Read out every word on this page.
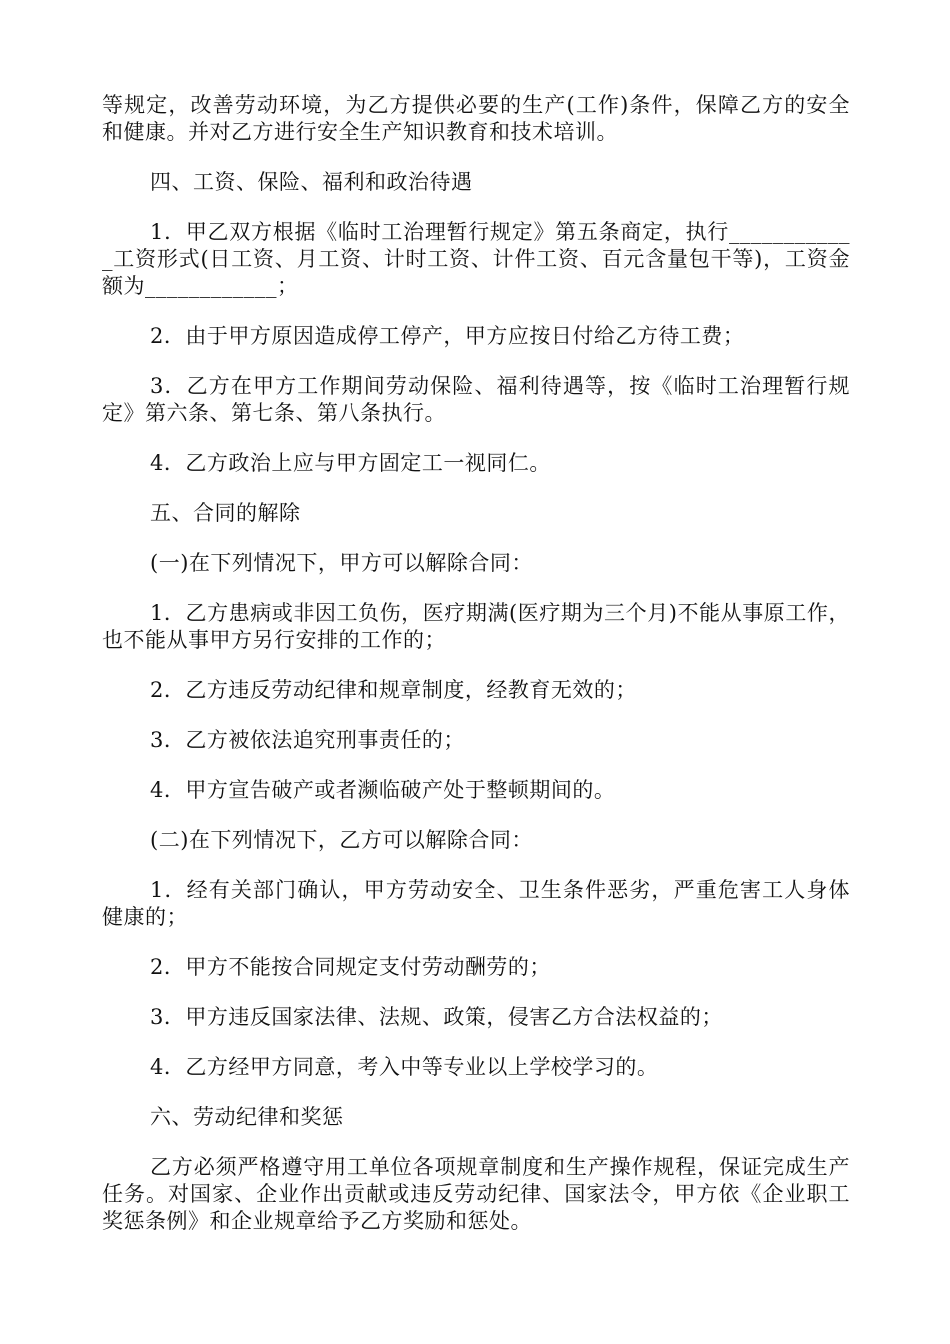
等规定，改善劳动环境，为乙方提供必要的生产(工作)条件，保障乙方的安全和健康。并对乙方进行安全生产知识教育和技术培训。

四、工资、保险、福利和政治待遇

1．甲乙双方根据《临时工治理暂行规定》第五条商定，执行____________工资形式(日工资、月工资、计时工资、计件工资、百元含量包干等)，工资金额为____________；

2．由于甲方原因造成停工停产，甲方应按日付给乙方待工费；

3．乙方在甲方工作期间劳动保险、福利待遇等，按《临时工治理暂行规定》第六条、第七条、第八条执行。

4．乙方政治上应与甲方固定工一视同仁。

五、合同的解除

(一)在下列情况下，甲方可以解除合同：

1．乙方患病或非因工负伤，医疗期满(医疗期为三个月)不能从事原工作，也不能从事甲方另行安排的工作的；

2．乙方违反劳动纪律和规章制度，经教育无效的；

3．乙方被依法追究刑事责任的；

4．甲方宣告破产或者濒临破产处于整顿期间的。

(二)在下列情况下，乙方可以解除合同：

1．经有关部门确认，甲方劳动安全、卫生条件恶劣，严重危害工人身体健康的；

2．甲方不能按合同规定支付劳动酬劳的；

3．甲方违反国家法律、法规、政策，侵害乙方合法权益的；

4．乙方经甲方同意，考入中等专业以上学校学习的。

六、劳动纪律和奖惩

乙方必须严格遵守用工单位各项规章制度和生产操作规程，保证完成生产任务。对国家、企业作出贡献或违反劳动纪律、国家法令，甲方依《企业职工奖惩条例》和企业规章给予乙方奖励和惩处。
